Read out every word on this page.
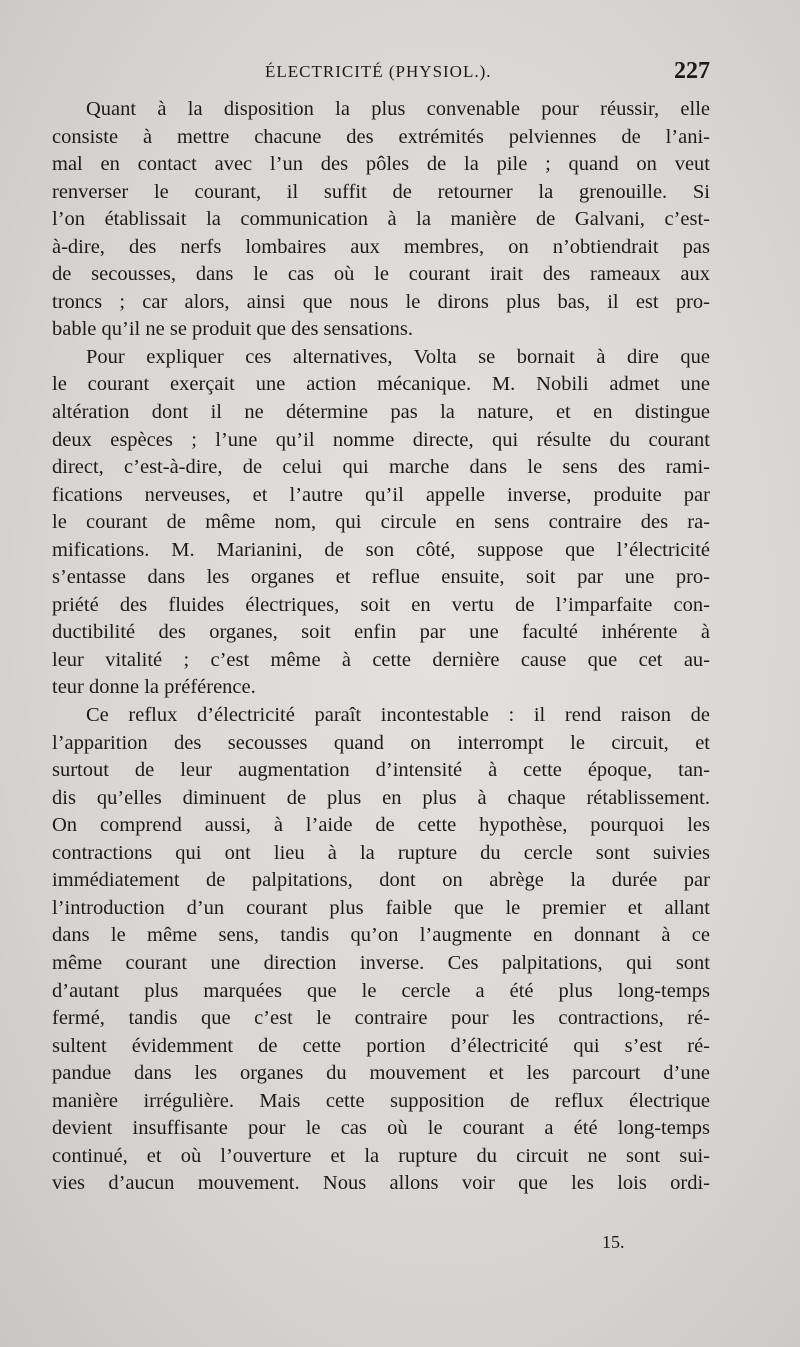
ÉLECTRICITÉ (PHYSIOL.).	227

Quant à la disposition la plus convenable pour réussir, elle
consiste à mettre chacune des extrémités pelviennes de l’ani-
mal en contact avec l’un des pôles de la pile ; quand on veut
renverser le courant, il suffit de retourner la grenouille. Si
l’on établissait la communication à la manière de Galvani, c’est-
à-dire, des nerfs lombaires aux membres, on n’obtiendrait pas
de secousses, dans le cas où le courant irait des rameaux aux
troncs ; car alors, ainsi que nous le dirons plus bas, il est pro-
bable qu’il ne se produit que des sensations.

Pour expliquer ces alternatives, Volta se bornait à dire que
le courant exerçait une action mécanique. M. Nobili admet une
altération dont il ne détermine pas la nature, et en distingue
deux espèces ; l’une qu’il nomme directe, qui résulte du courant
direct, c’est-à-dire, de celui qui marche dans le sens des rami-
fications nerveuses, et l’autre qu’il appelle inverse, produite par
le courant de même nom, qui circule en sens contraire des ra-
mifications. M. Marianini, de son côté, suppose que l’électricité
s’entasse dans les organes et reflue ensuite, soit par une pro-
priété des fluides électriques, soit en vertu de l’imparfaite con-
ductibilité des organes, soit enfin par une faculté inhérente à
leur vitalité ; c’est même à cette dernière cause que cet au-
teur donne la préférence.

Ce reflux d’électricité paraît incontestable : il rend raison de
l’apparition des secousses quand on interrompt le circuit, et
surtout de leur augmentation d’intensité à cette époque, tan-
dis qu’elles diminuent de plus en plus à chaque rétablissement.
On comprend aussi, à l’aide de cette hypothèse, pourquoi les
contractions qui ont lieu à la rupture du cercle sont suivies
immédiatement de palpitations, dont on abrège la durée par
l’introduction d’un courant plus faible que le premier et allant
dans le même sens, tandis qu’on l’augmente en donnant à ce
même courant une direction inverse. Ces palpitations, qui sont
d’autant plus marquées que le cercle a été plus long-temps
fermé, tandis que c’est le contraire pour les contractions, ré-
sultent évidemment de cette portion d’électricité qui s’est ré-
pandue dans les organes du mouvement et les parcourt d’une
manière irrégulière. Mais cette supposition de reflux électrique
devient insuffisante pour le cas où le courant a été long-temps
continué, et où l’ouverture et la rupture du circuit ne sont sui-
vies d’aucun mouvement. Nous allons voir que les lois ordi-

15.
